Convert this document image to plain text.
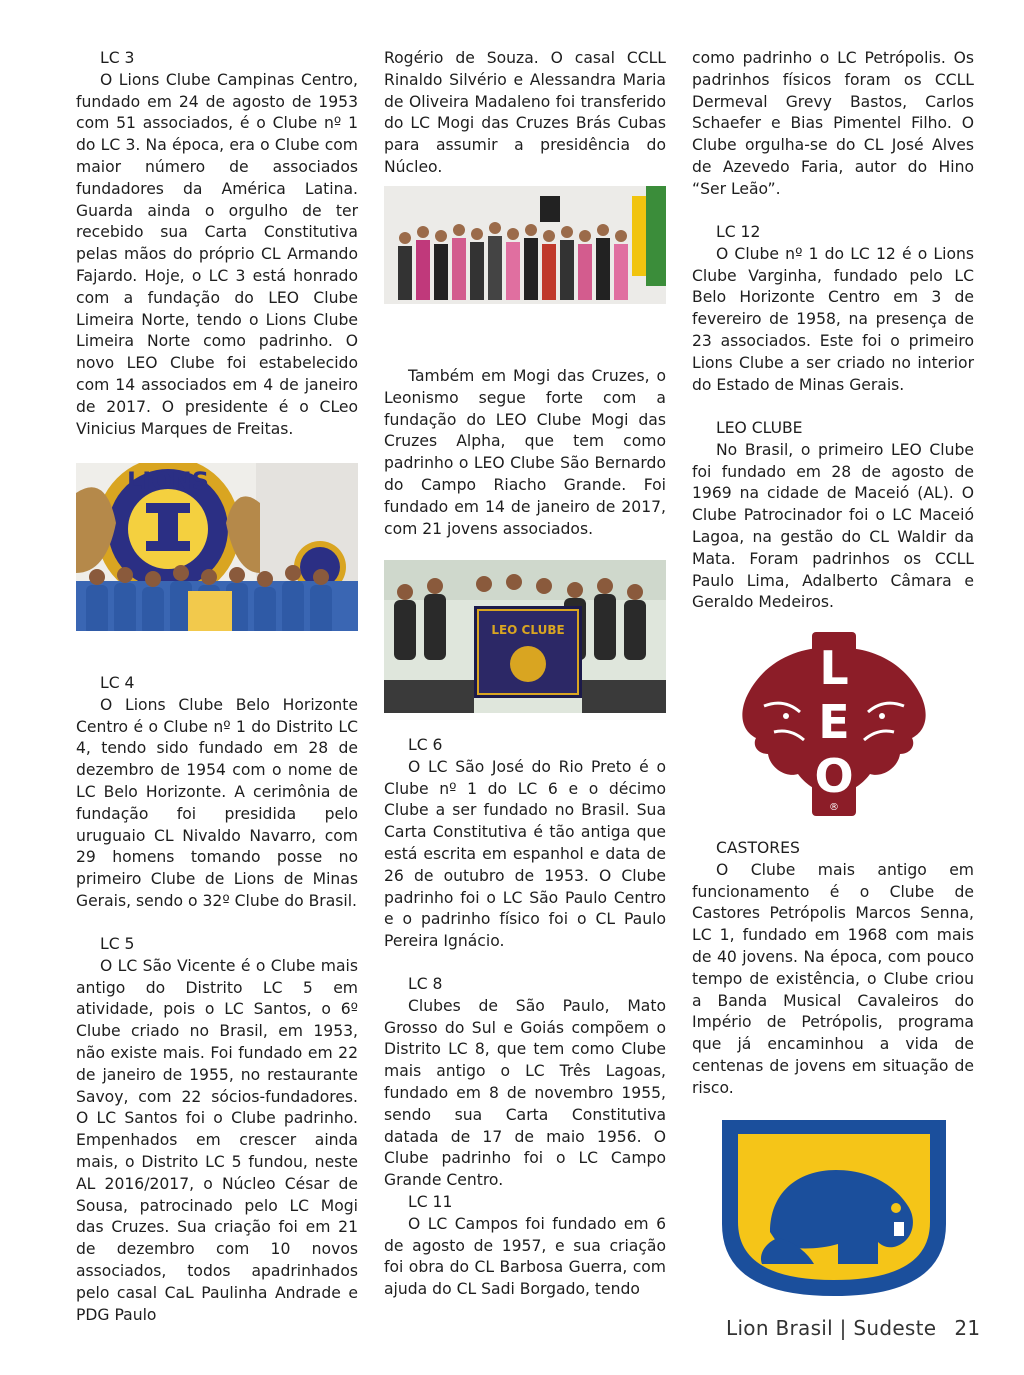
LC 3
O Lions Clube Campinas Centro, fundado em 24 de agosto de 1953 com 51 associados, é o Clube nº 1 do LC 3. Na época, era o Clube com maior número de associados fundadores da América Latina. Guarda ainda o orgulho de ter recebido sua Carta Constitutiva pelas mãos do próprio CL Armando Fajardo. Hoje, o LC 3 está honrado com a fundação do LEO Clube Limeira Norte, tendo o Lions Clube Limeira Norte como padrinho. O novo LEO Clube foi estabelecido com 14 associados em 4 de janeiro de 2017. O presidente é o CLeo Vinicius Marques de Freitas.
LIONS
LC 4
O Lions Clube Belo Horizonte Centro é o Clube nº 1 do Distrito LC 4, tendo sido fundado em 28 de dezembro de 1954 com o nome de LC Belo Horizonte. A cerimônia de fundação foi presidida pelo uruguaio CL Nivaldo Navarro, com 29 homens tomando posse no primeiro Clube de Lions de Minas Gerais, sendo o 32º Clube do Brasil.
LC 5
O LC São Vicente é o Clube mais antigo do Distrito LC 5 em atividade, pois o LC Santos, o 6º Clube criado no Brasil, em 1953, não existe mais. Foi fundado em 22 de janeiro de 1955, no restaurante Savoy, com 22 sócios-fundadores. O LC Santos foi o Clube padrinho. Empenhados em crescer ainda mais, o Distrito LC 5 fundou, neste AL 2016/2017, o Núcleo César de Sousa, patrocinado pelo LC Mogi das Cruzes. Sua criação foi em 21 de dezembro com 10 novos associados, todos apadrinhados pelo casal CaL Paulinha Andrade e PDG Paulo
Rogério de Souza. O casal CCLL Rinaldo Silvério e Alessandra Maria de Oliveira Madaleno foi transferido do LC Mogi das Cruzes Brás Cubas para assumir a presidência do Núcleo.
Também em Mogi das Cruzes, o Leonismo segue forte com a fundação do LEO Clube Mogi das Cruzes Alpha, que tem como padrinho o LEO Clube São Bernardo do Campo Riacho Grande. Foi fundado em 14 de janeiro de 2017, com 21 jovens associados.
LEO CLUBE
LC 6
O LC São José do Rio Preto é o Clube nº 1 do LC 6 e o décimo Clube a ser fundado no Brasil. Sua Carta Constitutiva é tão antiga que está escrita em espanhol e data de 26 de outubro de 1953. O Clube padrinho foi o LC São Paulo Centro e o padrinho físico foi o CL Paulo Pereira Ignácio.
LC 8
Clubes de São Paulo, Mato Grosso do Sul e Goiás compõem o Distrito LC 8, que tem como Clube mais antigo o LC Três Lagoas, fundado em 8 de novembro 1955, sendo sua Carta Constitutiva datada de 17 de maio 1956. O Clube padrinho foi o LC Campo Grande Centro.
LC 11
O LC Campos foi fundado em 6 de agosto de 1957, e sua criação foi obra do CL Barbosa Guerra, com ajuda do CL Sadi Borgado, tendo
como padrinho o LC Petrópolis. Os padrinhos físicos foram os CCLL Dermeval Grevy Bastos, Carlos Schaefer e Bias Pimentel Filho. O Clube orgulha-se do CL José Alves de Azevedo Faria, autor do Hino “Ser Leão”.
LC 12
O Clube nº 1 do LC 12 é o Lions Clube Varginha, fundado pelo LC Belo Horizonte Centro em 3 de fevereiro de 1958, na presença de 23 associados. Este foi o primeiro Lions Clube a ser criado no interior do Estado de Minas Gerais.
LEO CLUBE
No Brasil, o primeiro LEO Clube foi fundado em 28 de agosto de 1969 na cidade de Maceió (AL). O Clube Patrocinador foi o LC Maceió Lagoa, na gestão do CL Waldir da Mata. Foram padrinhos os CCLL Paulo Lima, Adalberto Câmara e Geraldo Medeiros.
L
E
O
®
CASTORES
O Clube mais antigo em funcionamento é o Clube de Castores Petrópolis Marcos Senna, LC 1, fundado em 1968 com mais de 40 jovens. Na época, com pouco tempo de existência, o Clube criou a Banda Musical Cavaleiros do Império de Petrópolis, programa que já encaminhou a vida de centenas de jovens em situação de risco.
Lion Brasil | Sudeste 21
